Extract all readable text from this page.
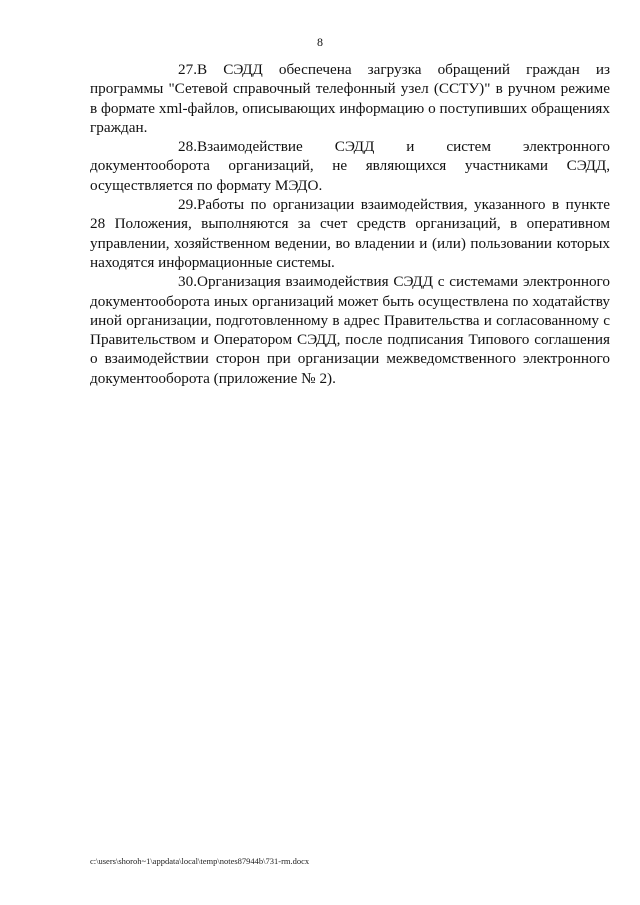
8

27.В СЭДД обеспечена загрузка обращений граждан из программы "Сетевой справочный телефонный узел (ССТУ)" в ручном режиме в формате xml-файлов, описывающих информацию о поступивших обращениях граждан.

28.Взаимодействие СЭДД и систем электронного документооборота организаций, не являющихся участниками СЭДД, осуществляется по формату МЭДО.

29.Работы по организации взаимодействия, указанного в пункте 28 Положения, выполняются за счет средств организаций, в оперативном управлении, хозяйственном ведении, во владении и (или) пользовании которых находятся информационные системы.

30.Организация взаимодействия СЭДД с системами электронного документооборота иных организаций может быть осуществлена по ходатайству иной организации, подготовленному в адрес Правительства и согласованному с Правительством и Оператором СЭДД, после подписания Типового соглашения о взаимодействии сторон при организации межведомственного электронного документооборота (приложение № 2).

c:\users\shoroh~1\appdata\local\temp\notes87944b\731-rm.docx
